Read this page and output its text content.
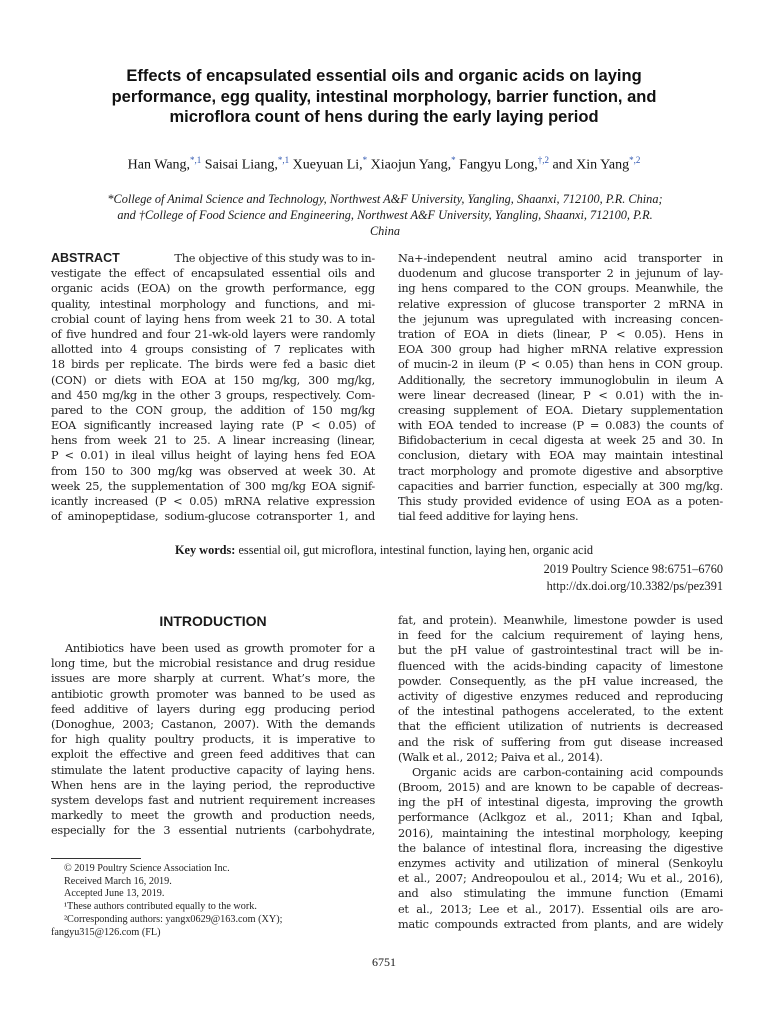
Effects of encapsulated essential oils and organic acids on laying
performance, egg quality, intestinal morphology, barrier function, and
microflora count of hens during the early laying period
Han Wang,$^{*,1}$ Saisai Liang,$^{*,1}$ Xueyuan Li,* Xiaojun Yang,* Fangyu Long,$^{\dagger,2}$ and Xin Yang$^{*,2}$
*College of Animal Science and Technology, Northwest A&F University, Yangling, Shaanxi, 712100, P.R. China;
and †College of Food Science and Engineering, Northwest A&F University, Yangling, Shaanxi, 712100, P.R.
China
ABSTRACT	The objective of this study was to in-
vestigate the effect of encapsulated essential oils and
organic acids (EOA) on the growth performance, egg
quality, intestinal morphology and functions, and mi-
crobial count of laying hens from week 21 to 30. A total
of five hundred and four 21-wk-old layers were randomly
allotted into 4 groups consisting of 7 replicates with
18 birds per replicate. The birds were fed a basic diet
(CON) or diets with EOA at 150 mg/kg, 300 mg/kg,
and 450 mg/kg in the other 3 groups, respectively. Com-
pared to the CON group, the addition of 150 mg/kg
EOA significantly increased laying rate (P < 0.05) of
hens from week 21 to 25. A linear increasing (linear,
P < 0.01) in ileal villus height of laying hens fed EOA
from 150 to 300 mg/kg was observed at week 30. At
week 25, the supplementation of 300 mg/kg EOA signif-
icantly increased (P < 0.05) mRNA relative expression
of aminopeptidase, sodium-glucose cotransporter 1, and
Na+-independent neutral amino acid transporter in
duodenum and glucose transporter 2 in jejunum of lay-
ing hens compared to the CON groups. Meanwhile, the
relative expression of glucose transporter 2 mRNA in
the jejunum was upregulated with increasing concen-
tration of EOA in diets (linear, P < 0.05). Hens in
EOA 300 group had higher mRNA relative expression
of mucin-2 in ileum (P < 0.05) than hens in CON group.
Additionally, the secretory immunoglobulin in ileum A
were linear decreased (linear, P < 0.01) with the in-
creasing supplement of EOA. Dietary supplementation
with EOA tended to increase (P = 0.083) the counts of
Bifidobacterium in cecal digesta at week 25 and 30. In
conclusion, dietary with EOA may maintain intestinal
tract morphology and promote digestive and absorptive
capacities and barrier function, especially at 300 mg/kg.
This study provided evidence of using EOA as a poten-
tial feed additive for laying hens.
Key words: essential oil, gut microflora, intestinal function, laying hen, organic acid
2019 Poultry Science 98:6751–6760
http://dx.doi.org/10.3382/ps/pez391
INTRODUCTION
Antibiotics have been used as growth promoter for a
long time, but the microbial resistance and drug residue
issues are more sharply at current. What’s more, the
antibiotic growth promoter was banned to be used as
feed additive of layers during egg producing period
(Donoghue, 2003; Castanon, 2007). With the demands
for high quality poultry products, it is imperative to
exploit the effective and green feed additives that can
stimulate the latent productive capacity of laying hens.
When hens are in the laying period, the reproductive
system develops fast and nutrient requirement increases
markedly to meet the growth and production needs,
especially for the 3 essential nutrients (carbohydrate,
fat, and protein). Meanwhile, limestone powder is used
in feed for the calcium requirement of laying hens,
but the pH value of gastrointestinal tract will be in-
fluenced with the acids-binding capacity of limestone
powder. Consequently, as the pH value increased, the
activity of digestive enzymes reduced and reproducing
of the intestinal pathogens accelerated, to the extent
that the efficient utilization of nutrients is decreased
and the risk of suffering from gut disease increased
(Walk et al., 2012; Paiva et al., 2014).
Organic acids are carbon-containing acid compounds
(Broom, 2015) and are known to be capable of decreas-
ing the pH of intestinal digesta, improving the growth
performance (Aclkgoz et al., 2011; Khan and Iqbal,
2016), maintaining the intestinal morphology, keeping
the balance of intestinal flora, increasing the digestive
enzymes activity and utilization of mineral (Senkoylu
et al., 2007; Andreopoulou et al., 2014; Wu et al., 2016),
and also stimulating the immune function (Emami
et al., 2013; Lee et al., 2017). Essential oils are aro-
matic compounds extracted from plants, and are widely
© 2019 Poultry Science Association Inc.
Received March 16, 2019.
Accepted June 13, 2019.
¹These authors contributed equally to the work.
²Corresponding authors: yangx0629@163.com (XY);
fangyu315@126.com (FL)
6751
